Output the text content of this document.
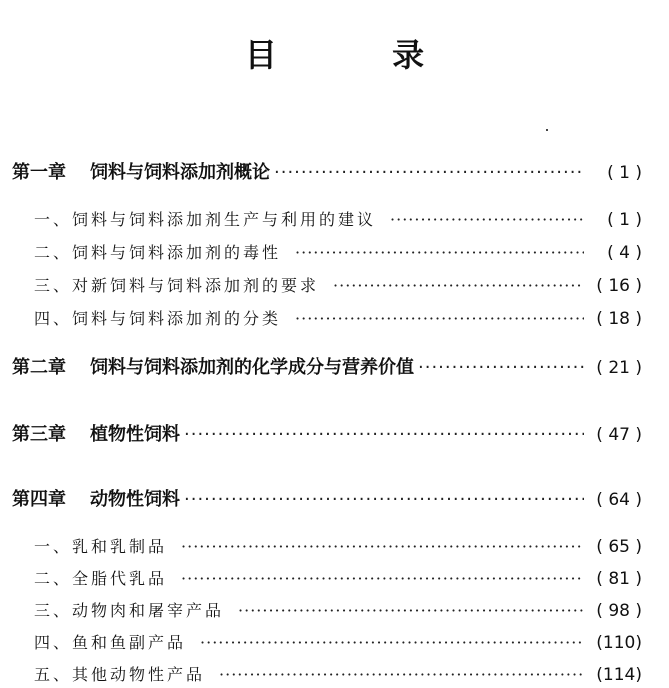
目 录
第一章 饲料与饲料添加剂概论 ·····	( 1 )
一、饲料与饲料添加剂生产与利用的建议 ·····	( 1 )
二、饲料与饲料添加剂的毒性 ·····	( 4 )
三、对新饲料与饲料添加剂的要求 ·····	( 16 )
四、饲料与饲料添加剂的分类 ·····	( 18 )
第二章 饲料与饲料添加剂的化学成分与营养价值 ·····	( 21 )
第三章 植物性饲料 ·····	( 47 )
第四章 动物性饲料 ·····	( 64 )
一、乳和乳制品 ·····	( 65 )
二、全脂代乳品 ·····	( 81 )
三、动物肉和屠宰产品 ·····	( 98 )
四、鱼和鱼副产品 ·····	(110)
五、其他动物性产品 ·····	(114)
